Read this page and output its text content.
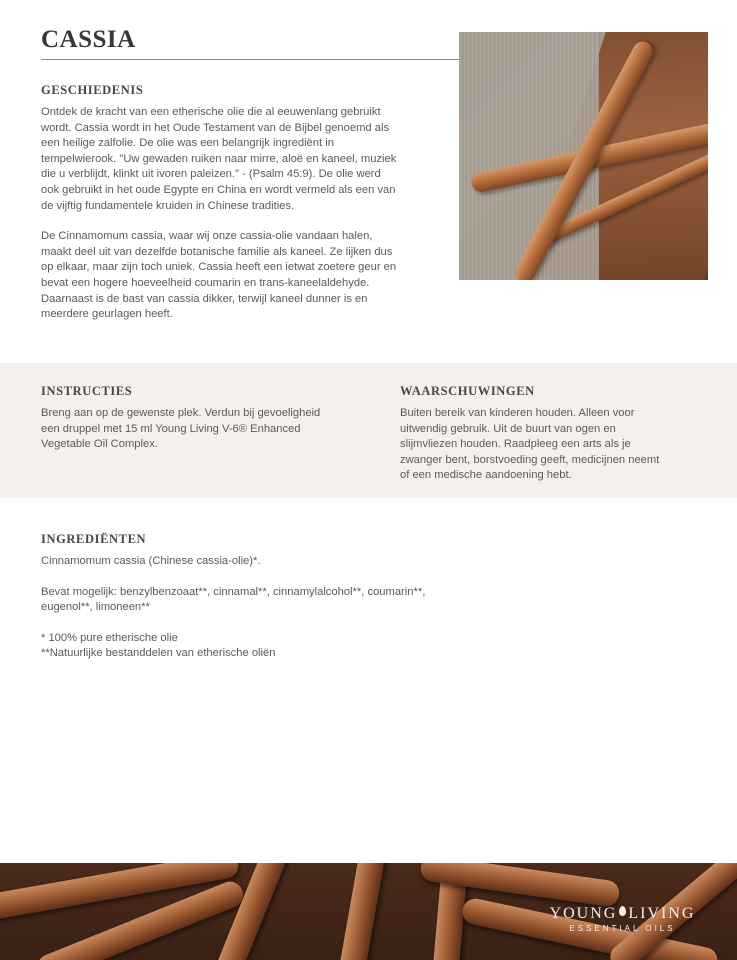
CASSIA
GESCHIEDENIS

Ontdek de kracht van een etherische olie die al eeuwenlang gebruikt wordt. Cassia wordt in het Oude Testament van de Bijbel genoemd als een heilige zalfolie. De olie was een belangrijk ingrediënt in tempelwierook. "Uw gewaden ruiken naar mirre, aloë en kaneel, muziek die u verblijdt, klinkt uit ivoren paleizen." - (Psalm 45:9). De olie werd ook gebruikt in het oude Egypte en China en wordt vermeld als een van de vijftig fundamentele kruiden in Chinese tradities.

De Cinnamomum cassia, waar wij onze cassia-olie vandaan halen, maakt deel uit van dezelfde botanische familie als kaneel. Ze lijken dus op elkaar, maar zijn toch uniek. Cassia heeft een ietwat zoetere geur en bevat een hogere hoeveelheid coumarin en trans-kaneelaldehyde. Daarnaast is de bast van cassia dikker, terwijl kaneel dunner is en meerdere geurlagen heeft.

INSTRUCTIES

Breng aan op de gewenste plek. Verdun bij gevoeligheid een druppel met 15 ml Young Living V-6® Enhanced Vegetable Oil Complex.

WAARSCHUWINGEN

Buiten bereik van kinderen houden. Alleen voor uitwendig gebruik. Uit de buurt van ogen en slijmvliezen houden. Raadpleeg een arts als je zwanger bent, borstvoeding geeft, medicijnen neemt of een medische aandoening hebt.

INGREDIËNTEN

Cinnamomum cassia (Chinese cassia-olie)*.

Bevat mogelijk: benzylbenzoaat**, cinnamal**, cinnamylalcohol**, coumarin**, eugenol**, limoneen**

* 100% pure etherische olie

**Natuurlijke bestanddelen van etherische oliën

YOUNG LIVING
ESSENTIAL OILS
